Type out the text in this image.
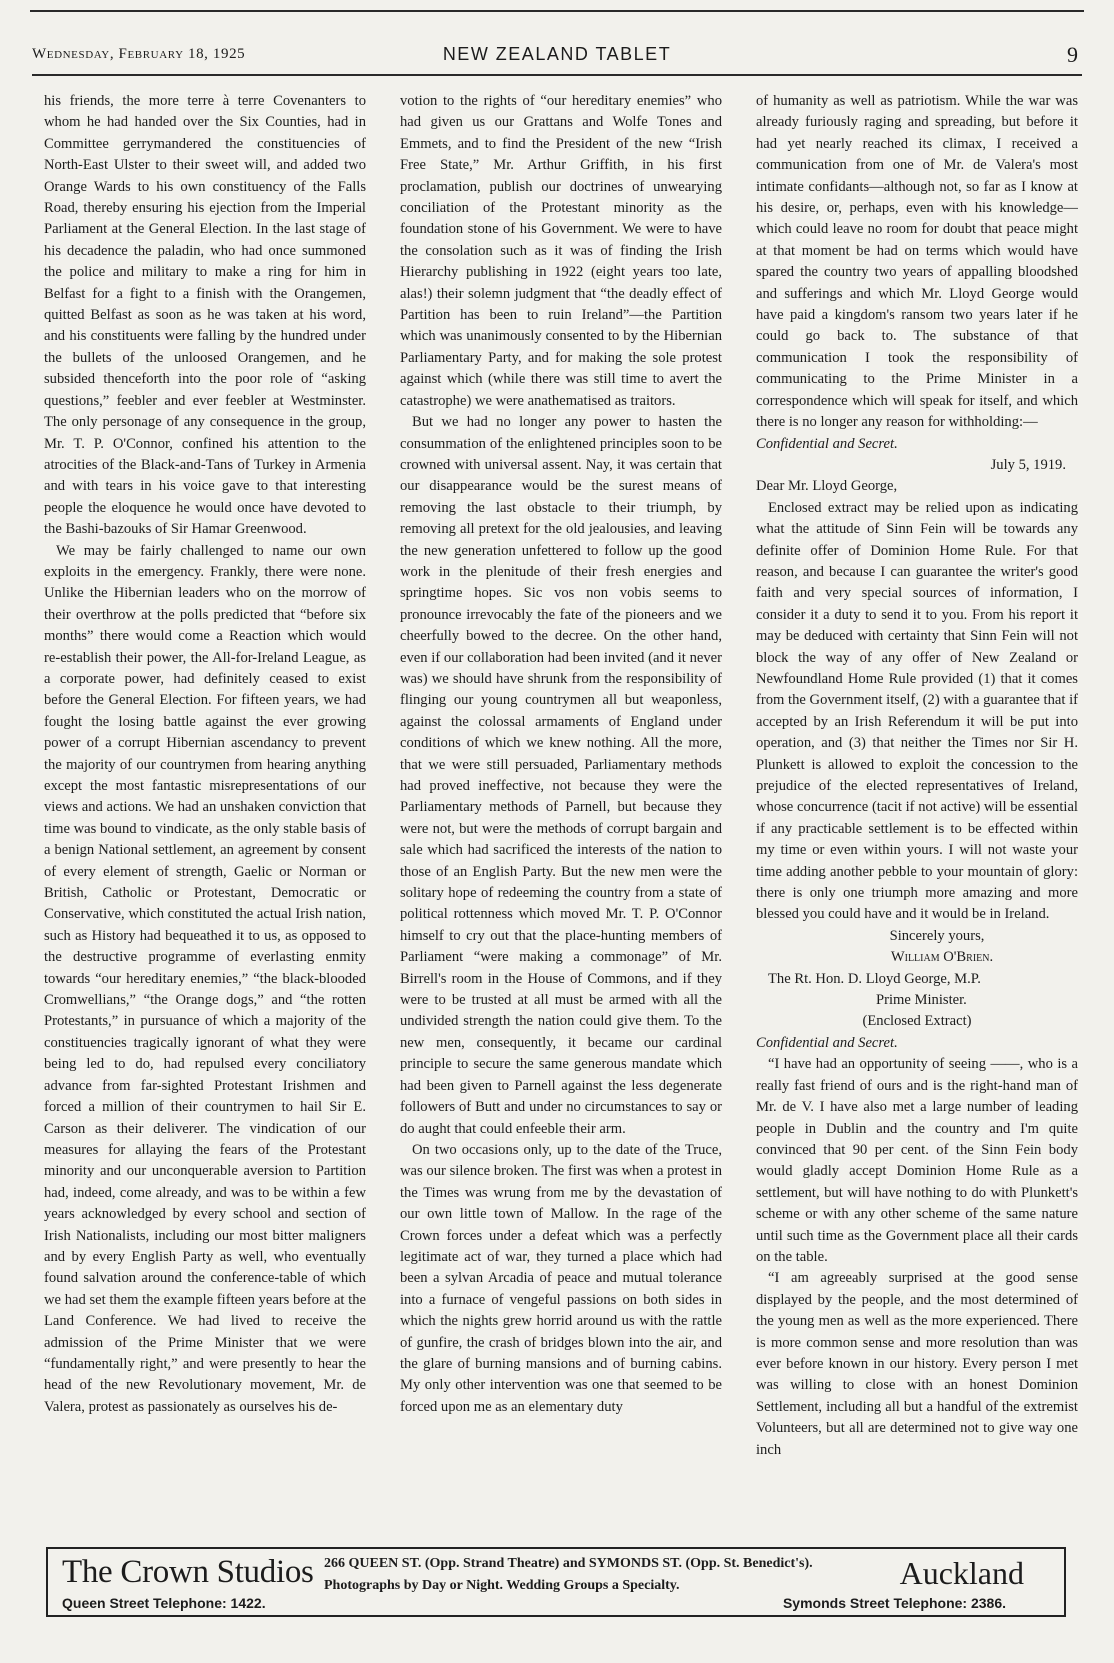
Wednesday, February 18, 1925	NEW ZEALAND TABLET	9

his friends, the more terre à terre Covenanters to whom he had handed over the Six Counties, had in Committee gerrymandered the constituencies of North-East Ulster to their sweet will, and added two Orange Wards to his own constituency of the Falls Road, thereby ensuring his ejection from the Imperial Parliament at the General Election. In the last stage of his decadence the paladin, who had once summoned the police and military to make a ring for him in Belfast for a fight to a finish with the Orangemen, quitted Belfast as soon as he was taken at his word, and his constituents were falling by the hundred under the bullets of the unloosed Orangemen, and he subsided thenceforth into the poor role of “asking questions,” feebler and ever feebler at Westminster. The only personage of any consequence in the group, Mr. T. P. O'Connor, confined his attention to the atrocities of the Black-and-Tans of Turkey in Armenia and with tears in his voice gave to that interesting people the eloquence he would once have devoted to the Bashi-bazouks of Sir Hamar Greenwood.

We may be fairly challenged to name our own exploits in the emergency. Frankly, there were none. Unlike the Hibernian leaders who on the morrow of their overthrow at the polls predicted that “before six months” there would come a Reaction which would re-establish their power, the All-for-Ireland League, as a corporate power, had definitely ceased to exist before the General Election. For fifteen years, we had fought the losing battle against the ever growing power of a corrupt Hibernian ascendancy to prevent the majority of our countrymen from hearing anything except the most fantastic misrepresentations of our views and actions. We had an unshaken conviction that time was bound to vindicate, as the only stable basis of a benign National settlement, an agreement by consent of every element of strength, Gaelic or Norman or British, Catholic or Protestant, Democratic or Conservative, which constituted the actual Irish nation, such as History had bequeathed it to us, as opposed to the destructive programme of everlasting enmity towards “our hereditary enemies,” “the black-blooded Cromwellians,” “the Orange dogs,” and “the rotten Protestants,” in pursuance of which a majority of the constituencies tragically ignorant of what they were being led to do, had repulsed every conciliatory advance from far-sighted Protestant Irishmen and forced a million of their countrymen to hail Sir E. Carson as their deliverer. The vindication of our measures for allaying the fears of the Protestant minority and our unconquerable aversion to Partition had, indeed, come already, and was to be within a few years acknowledged by every school and section of Irish Nationalists, including our most bitter maligners and by every English Party as well, who eventually found salvation around the conference-table of which we had set them the example fifteen years before at the Land Conference. We had lived to receive the admission of the Prime Minister that we were “fundamentally right,” and were presently to hear the head of the new Revolutionary movement, Mr. de Valera, protest as passionately as ourselves his de-

votion to the rights of “our hereditary enemies” who had given us our Grattans and Wolfe Tones and Emmets, and to find the President of the new “Irish Free State,” Mr. Arthur Griffith, in his first proclamation, publish our doctrines of unwearying conciliation of the Protestant minority as the foundation stone of his Government. We were to have the consolation such as it was of finding the Irish Hierarchy publishing in 1922 (eight years too late, alas!) their solemn judgment that “the deadly effect of Partition has been to ruin Ireland”—the Partition which was unanimously consented to by the Hibernian Parliamentary Party, and for making the sole protest against which (while there was still time to avert the catastrophe) we were anathematised as traitors.

But we had no longer any power to hasten the consummation of the enlightened principles soon to be crowned with universal assent. Nay, it was certain that our disappearance would be the surest means of removing the last obstacle to their triumph, by removing all pretext for the old jealousies, and leaving the new generation unfettered to follow up the good work in the plenitude of their fresh energies and springtime hopes. Sic vos non vobis seems to pronounce irrevocably the fate of the pioneers and we cheerfully bowed to the decree. On the other hand, even if our collaboration had been invited (and it never was) we should have shrunk from the responsibility of flinging our young countrymen all but weaponless, against the colossal armaments of England under conditions of which we knew nothing. All the more, that we were still persuaded, Parliamentary methods had proved ineffective, not because they were the Parliamentary methods of Parnell, but because they were not, but were the methods of corrupt bargain and sale which had sacrificed the interests of the nation to those of an English Party. But the new men were the solitary hope of redeeming the country from a state of political rottenness which moved Mr. T. P. O'Connor himself to cry out that the place-hunting members of Parliament “were making a commonage” of Mr. Birrell's room in the House of Commons, and if they were to be trusted at all must be armed with all the undivided strength the nation could give them. To the new men, consequently, it became our cardinal principle to secure the same generous mandate which had been given to Parnell against the less degenerate followers of Butt and under no circumstances to say or do aught that could enfeeble their arm.

On two occasions only, up to the date of the Truce, was our silence broken. The first was when a protest in the Times was wrung from me by the devastation of our own little town of Mallow. In the rage of the Crown forces under a defeat which was a perfectly legitimate act of war, they turned a place which had been a sylvan Arcadia of peace and mutual tolerance into a furnace of vengeful passions on both sides in which the nights grew horrid around us with the rattle of gunfire, the crash of bridges blown into the air, and the glare of burning mansions and of burning cabins. My only other intervention was one that seemed to be forced upon me as an elementary duty

of humanity as well as patriotism. While the war was already furiously raging and spreading, but before it had yet nearly reached its climax, I received a communication from one of Mr. de Valera's most intimate confidants—although not, so far as I know at his desire, or, perhaps, even with his knowledge—which could leave no room for doubt that peace might at that moment be had on terms which would have spared the country two years of appalling bloodshed and sufferings and which Mr. Lloyd George would have paid a kingdom's ransom two years later if he could go back to. The substance of that communication I took the responsibility of communicating to the Prime Minister in a correspondence which will speak for itself, and which there is no longer any reason for withholding:—

Confidential and Secret.

July 5, 1919.

Dear Mr. Lloyd George,

Enclosed extract may be relied upon as indicating what the attitude of Sinn Fein will be towards any definite offer of Dominion Home Rule. For that reason, and because I can guarantee the writer's good faith and very special sources of information, I consider it a duty to send it to you. From his report it may be deduced with certainty that Sinn Fein will not block the way of any offer of New Zealand or Newfoundland Home Rule provided (1) that it comes from the Government itself, (2) with a guarantee that if accepted by an Irish Referendum it will be put into operation, and (3) that neither the Times nor Sir H. Plunkett is allowed to exploit the concession to the prejudice of the elected representatives of Ireland, whose concurrence (tacit if not active) will be essential if any practicable settlement is to be effected within my time or even within yours. I will not waste your time adding another pebble to your mountain of glory: there is only one triumph more amazing and more blessed you could have and it would be in Ireland.

Sincerely yours,

William O'Brien.

The Rt. Hon. D. Lloyd George, M.P.

Prime Minister.

(Enclosed Extract)

Confidential and Secret.

“I have had an opportunity of seeing ——, who is a really fast friend of ours and is the right-hand man of Mr. de V. I have also met a large number of leading people in Dublin and the country and I'm quite convinced that 90 per cent. of the Sinn Fein body would gladly accept Dominion Home Rule as a settlement, but will have nothing to do with Plunkett's scheme or with any other scheme of the same nature until such time as the Government place all their cards on the table.

“I am agreeably surprised at the good sense displayed by the people, and the most determined of the young men as well as the more experienced. There is more common sense and more resolution than was ever before known in our history. Every person I met was willing to close with an honest Dominion Settlement, including all but a handful of the extremist Volunteers, but all are determined not to give way one inch

The Crown Studios
Queen Street Telephone: 1422.
266 QUEEN ST. (Opp. Strand Theatre) and SYMONDS ST. (Opp. St. Benedict's). Photographs by Day or Night. Wedding Groups a Specialty.	Auckland
Symonds Street Telephone: 2386.
